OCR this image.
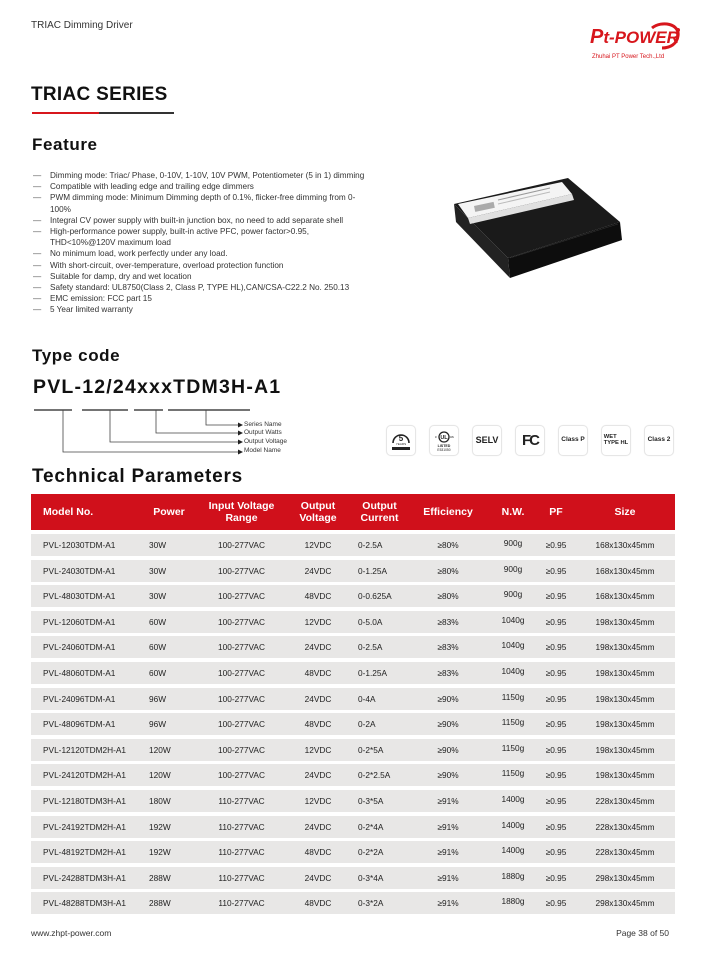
TRIAC Dimming Driver
Pt-POWER
Zhuhai PT Power Tech.,Ltd
TRIAC SERIES
Feature
— Dimming mode: Triac/ Phase, 0-10V, 1-10V, 10V PWM, Potentiometer (5 in 1) dimming
— Compatible with leading edge and trailing edge dimmers
— PWM dimming mode: Minimum Dimming depth of 0.1%, flicker-free dimming from 0-100%
— Integral CV power supply with built-in junction box, no need to add separate shell
— High-performance power supply, built-in active PFC, power factor>0.95, THD<10%@120V maximum load
— No minimum load, work perfectly under any load.
— With short-circuit, over-temperature, overload protection function
— Suitable for damp, dry and wet location
— Safety standard: UL8750(Class 2, Class P, TYPE HL),CAN/CSA-C22.2 No. 250.13
— EMC emission: FCC part 15
— 5 Year limited warranty
Type code
PVL-12/24xxxTDM3H-A1
Series Name
Output Watts
Output Voltage
Model Name
5
YEARS
UL
c	us
LISTED
E531050
SELV FC	Class P	WET
TYPE HL	Class 2
Technical Parameters
Model No.	Power	Input Voltage
Range
Output
Voltage
Output
Current	Efficiency	N.W.	PF	Size
PVL-12030TDM-A1	30W	100-277VAC	12VDC	0-2.5A	≥80%	900g	≥0.95	168x130x45mm
PVL-24030TDM-A1	30W	100-277VAC	24VDC	0-1.25A	≥80%	900g	≥0.95	168x130x45mm
PVL-48030TDM-A1	30W	100-277VAC	48VDC	0-0.625A	≥80%	900g	≥0.95	168x130x45mm
PVL-12060TDM-A1	60W	100-277VAC	12VDC	0-5.0A	≥83%	1040g	≥0.95	198x130x45mm
PVL-24060TDM-A1	60W	100-277VAC	24VDC	0-2.5A	≥83%	1040g	≥0.95	198x130x45mm
PVL-48060TDM-A1	60W	100-277VAC	48VDC	0-1.25A	≥83%	1040g	≥0.95	198x130x45mm
PVL-24096TDM-A1	96W	100-277VAC	24VDC	0-4A	≥90%	1150g	≥0.95	198x130x45mm
PVL-48096TDM-A1	96W	100-277VAC	48VDC	0-2A	≥90%	1150g	≥0.95	198x130x45mm
PVL-12120TDM2H-A1	120W	100-277VAC	12VDC	0-2*5A	≥90%	1150g	≥0.95	198x130x45mm
PVL-24120TDM2H-A1	120W	100-277VAC	24VDC	0-2*2.5A	≥90%	1150g	≥0.95	198x130x45mm
PVL-12180TDM3H-A1	180W	110-277VAC	12VDC	0-3*5A	≥91%	1400g	≥0.95	228x130x45mm
PVL-24192TDM2H-A1	192W	110-277VAC	24VDC	0-2*4A	≥91%	1400g	≥0.95	228x130x45mm
PVL-48192TDM2H-A1	192W	110-277VAC	48VDC	0-2*2A	≥91%	1400g	≥0.95	228x130x45mm
PVL-24288TDM3H-A1	288W	110-277VAC	24VDC	0-3*4A	≥91%	1880g	≥0.95	298x130x45mm
PVL-48288TDM3H-A1	288W	110-277VAC	48VDC	0-3*2A	≥91%	1880g	≥0.95	298x130x45mm
www.zhpt-power.com	Page 38 of 50
